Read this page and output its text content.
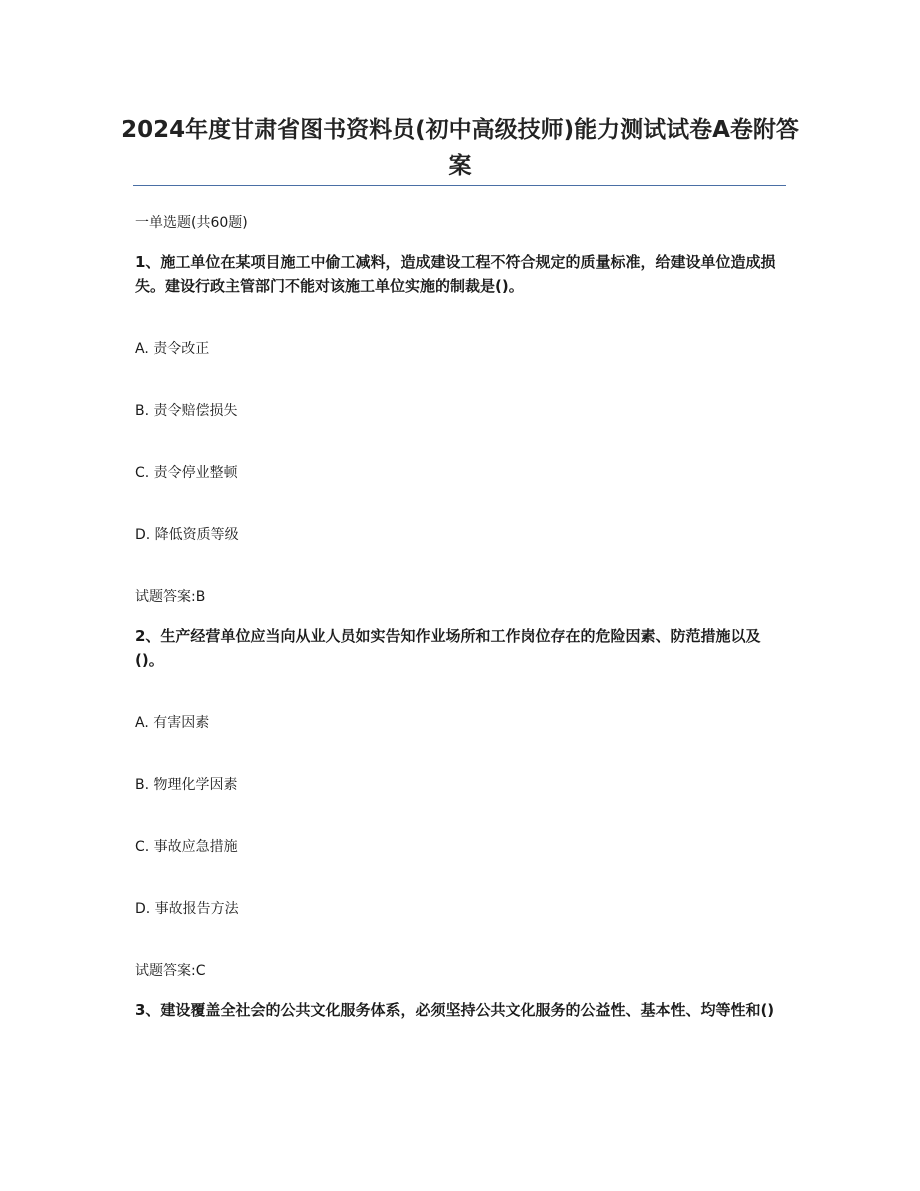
2024年度甘肃省图书资料员(初中高级技师)能力测试试卷A卷附答案
一单选题(共60题)
1、施工单位在某项目施工中偷工减料，造成建设工程不符合规定的质量标准，给建设单位造成损失。建设行政主管部门不能对该施工单位实施的制裁是()。
A. 责令改正
B. 责令赔偿损失
C. 责令停业整顿
D. 降低资质等级
试题答案:B
2、生产经营单位应当向从业人员如实告知作业场所和工作岗位存在的危险因素、防范措施以及()。
A. 有害因素
B. 物理化学因素
C. 事故应急措施
D. 事故报告方法
试题答案:C
3、建设覆盖全社会的公共文化服务体系，必须坚持公共文化服务的公益性、基本性、均等性和()
